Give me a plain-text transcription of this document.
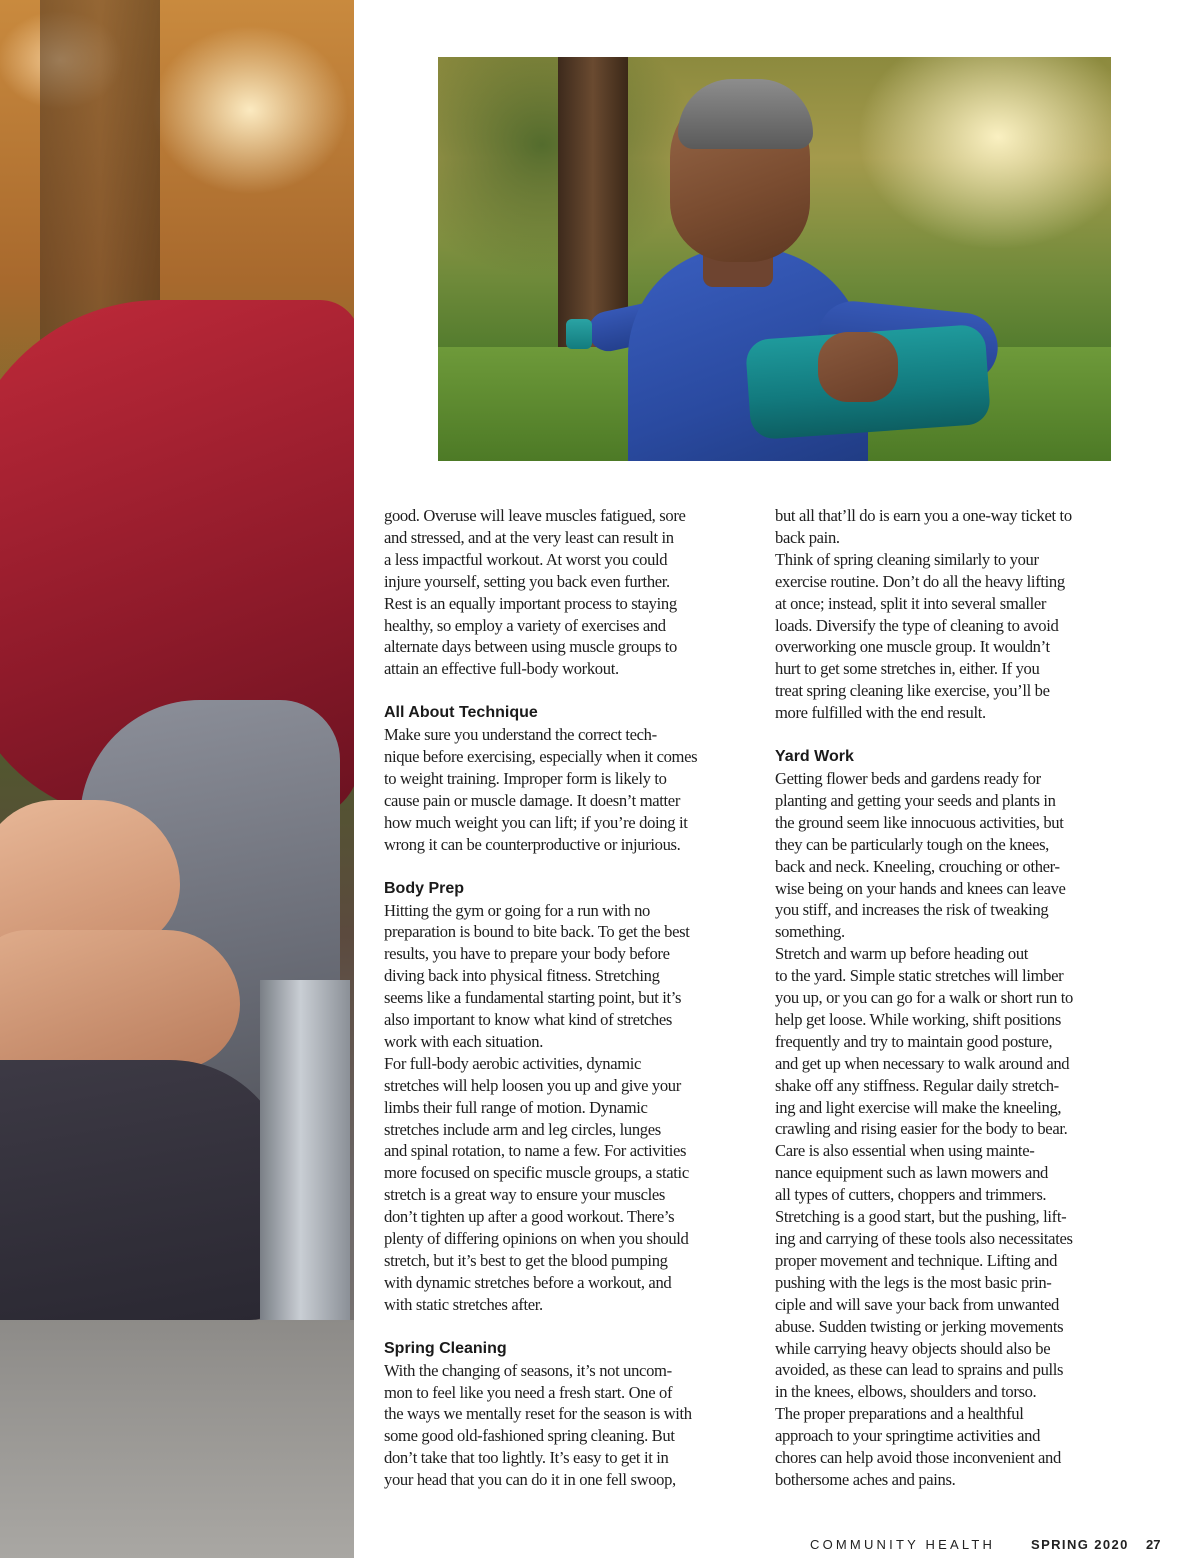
good. Overuse will leave muscles fatigued, sore
and stressed, and at the very least can result in
a less impactful workout. At worst you could
injure yourself, setting you back even further.
Rest is an equally important process to staying
healthy, so employ a variety of exercises and
alternate days between using muscle groups to
attain an effective full-body workout.
All About Technique
Make sure you understand the correct tech-
nique before exercising, especially when it comes
to weight training. Improper form is likely to
cause pain or muscle damage. It doesn’t matter
how much weight you can lift; if you’re doing it
wrong it can be counterproductive or injurious.
Body Prep
Hitting the gym or going for a run with no
preparation is bound to bite back. To get the best
results, you have to prepare your body before
diving back into physical fitness. Stretching
seems like a fundamental starting point, but it’s
also important to know what kind of stretches
work with each situation.
For full-body aerobic activities, dynamic
stretches will help loosen you up and give your
limbs their full range of motion. Dynamic
stretches include arm and leg circles, lunges
and spinal rotation, to name a few. For activities
more focused on specific muscle groups, a static
stretch is a great way to ensure your muscles
don’t tighten up after a good workout. There’s
plenty of differing opinions on when you should
stretch, but it’s best to get the blood pumping
with dynamic stretches before a workout, and
with static stretches after.
Spring Cleaning
With the changing of seasons, it’s not uncom-
mon to feel like you need a fresh start. One of
the ways we mentally reset for the season is with
some good old-fashioned spring cleaning. But
don’t take that too lightly. It’s easy to get it in
your head that you can do it in one fell swoop,
but all that’ll do is earn you a one-way ticket to
back pain.
Think of spring cleaning similarly to your
exercise routine. Don’t do all the heavy lifting
at once; instead, split it into several smaller
loads. Diversify the type of cleaning to avoid
overworking one muscle group. It wouldn’t
hurt to get some stretches in, either. If you
treat spring cleaning like exercise, you’ll be
more fulfilled with the end result.
Yard Work
Getting flower beds and gardens ready for
planting and getting your seeds and plants in
the ground seem like innocuous activities, but
they can be particularly tough on the knees,
back and neck. Kneeling, crouching or other-
wise being on your hands and knees can leave
you stiff, and increases the risk of tweaking
something.
Stretch and warm up before heading out
to the yard. Simple static stretches will limber
you up, or you can go for a walk or short run to
help get loose. While working, shift positions
frequently and try to maintain good posture,
and get up when necessary to walk around and
shake off any stiffness. Regular daily stretch-
ing and light exercise will make the kneeling,
crawling and rising easier for the body to bear.
Care is also essential when using mainte-
nance equipment such as lawn mowers and
all types of cutters, choppers and trimmers.
Stretching is a good start, but the pushing, lift-
ing and carrying of these tools also necessitates
proper movement and technique. Lifting and
pushing with the legs is the most basic prin-
ciple and will save your back from unwanted
abuse. Sudden twisting or jerking movements
while carrying heavy objects should also be
avoided, as these can lead to sprains and pulls
in the knees, elbows, shoulders and torso.
The proper preparations and a healthful
approach to your springtime activities and
chores can help avoid those inconvenient and
bothersome aches and pains.
COMMUNITY HEALTH	SPRING 2020 27
